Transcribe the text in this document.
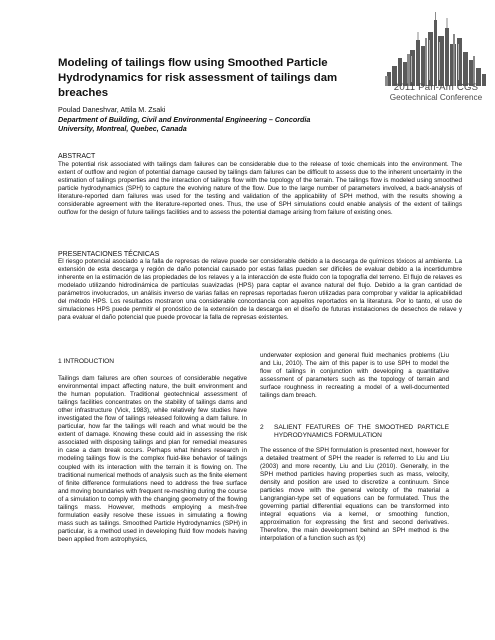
Modeling of tailings flow using Smoothed Particle Hydrodynamics for risk assessment of tailings dam breaches
Poulad Daneshvar, Attila M. Zsaki
Department of Building, Civil and Environmental Engineering – Concordia
University, Montreal, Quebec, Canada
2011 Pan-Am CGS
Geotechnical Conference
ABSTRACT

The potential risk associated with tailings dam failures can be considerable due to the release of toxic chemicals into the environment. The extent of outflow and region of potential damage caused by tailings dam failures can be difficult to assess due to the inherent uncertainty in the estimation of tailings properties and the interaction of tailings flow with the topology of the terrain. The tailings flow is modeled using smoothed particle hydrodynamics (SPH) to capture the evolving nature of the flow. Due to the large number of parameters involved, a back-analysis of literature-reported dam failures was used for the testing and validation of the applicability of SPH method, with the results showing a considerable agreement with the literature-reported ones. Thus, the use of SPH simulations could enable analysis of the extent of tailings outflow for the design of future tailings facilities and to assess the potential damage arising from failure of existing ones.

PRESENTACIONES TÉCNICAS

El riesgo potencial asociado a la falla de represas de relave puede ser considerable debido a la descarga de químicos tóxicos al ambiente. La extensión de esta descarga y región de daño potencial causado por estas fallas pueden ser difíciles de evaluar debido a la incertidumbre inherente en la estimación de las propiedades de los relaves y a la interacción de este fluido con la topografía del terreno. El flujo de relaves es modelado utilizando hidrodinámica de partículas suavizadas (HPS) para captar el avance natural del flujo. Debido a la gran cantidad de parámetros involucrados, un análisis inverso de varias fallas en represas reportadas fueron utilizadas para comprobar y validar la aplicabilidad del método HPS. Los resultados mostraron una considerable concordancia con aquellos reportados en la literatura. Por lo tanto, el uso de simulaciones HPS puede permitir el pronóstico de la extensión de la descarga en el diseño de futuras instalaciones de desechos de relave y para evaluar el daño potencial que puede provocar la falla de represas existentes.

1 INTRODUCTION

Tailings dam failures are often sources of considerable negative environmental impact affecting nature, the built environment and the human population. Traditional geotechnical assessment of tailings facilities concentrates on the stability of tailings dams and other infrastructure (Vick, 1983), while relatively few studies have investigated the flow of tailings released following a dam failure. In particular, how far the tailings will reach and what would be the extent of damage. Knowing these could aid in assessing the risk associated with disposing tailings and plan for remedial measures in case a dam break occurs. Perhaps what hinders research in modeling tailings flow is the complex fluid-like behavior of tailings coupled with its interaction with the terrain it is flowing on. The traditional numerical methods of analysis such as the finite element of finite difference formulations need to address the free surface and moving boundaries with frequent re-meshing during the course of a simulation to comply with the changing geometry of the flowing tailings mass. However, methods employing a mesh-free formulation easily resolve these issues in simulating a flowing mass such as tailings. Smoothed Particle Hydrodynamics (SPH) in particular, is a method used in developing fluid flow models having been applied from astrophysics,

underwater explosion and general fluid mechanics problems (Liu and Liu, 2010). The aim of this paper is to use SPH to model the flow of tailings in conjunction with developing a quantitative assessment of parameters such as the topology of terrain and surface roughness in recreating a model of a well-documented tailings dam breach.

2	SALIENT FEATURES OF THE SMOOTHED PARTICLE HYDRODYNAMICS FORMULATION

The essence of the SPH formulation is presented next, however for a detailed treatment of SPH the reader is referred to Liu and Liu (2003) and more recently, Liu and Liu (2010). Generally, in the SPH method particles having properties such as mass, velocity, density and position are used to discretize a continuum. Since particles move with the general velocity of the material a Langrangian-type set of equations can be formulated. Thus the governing partial differential equations can be transformed into integral equations via a kernel, or smoothing function, approximation for expressing the first and second derivatives. Therefore, the main development behind an SPH method is the interpolation of a function such as f(x)
